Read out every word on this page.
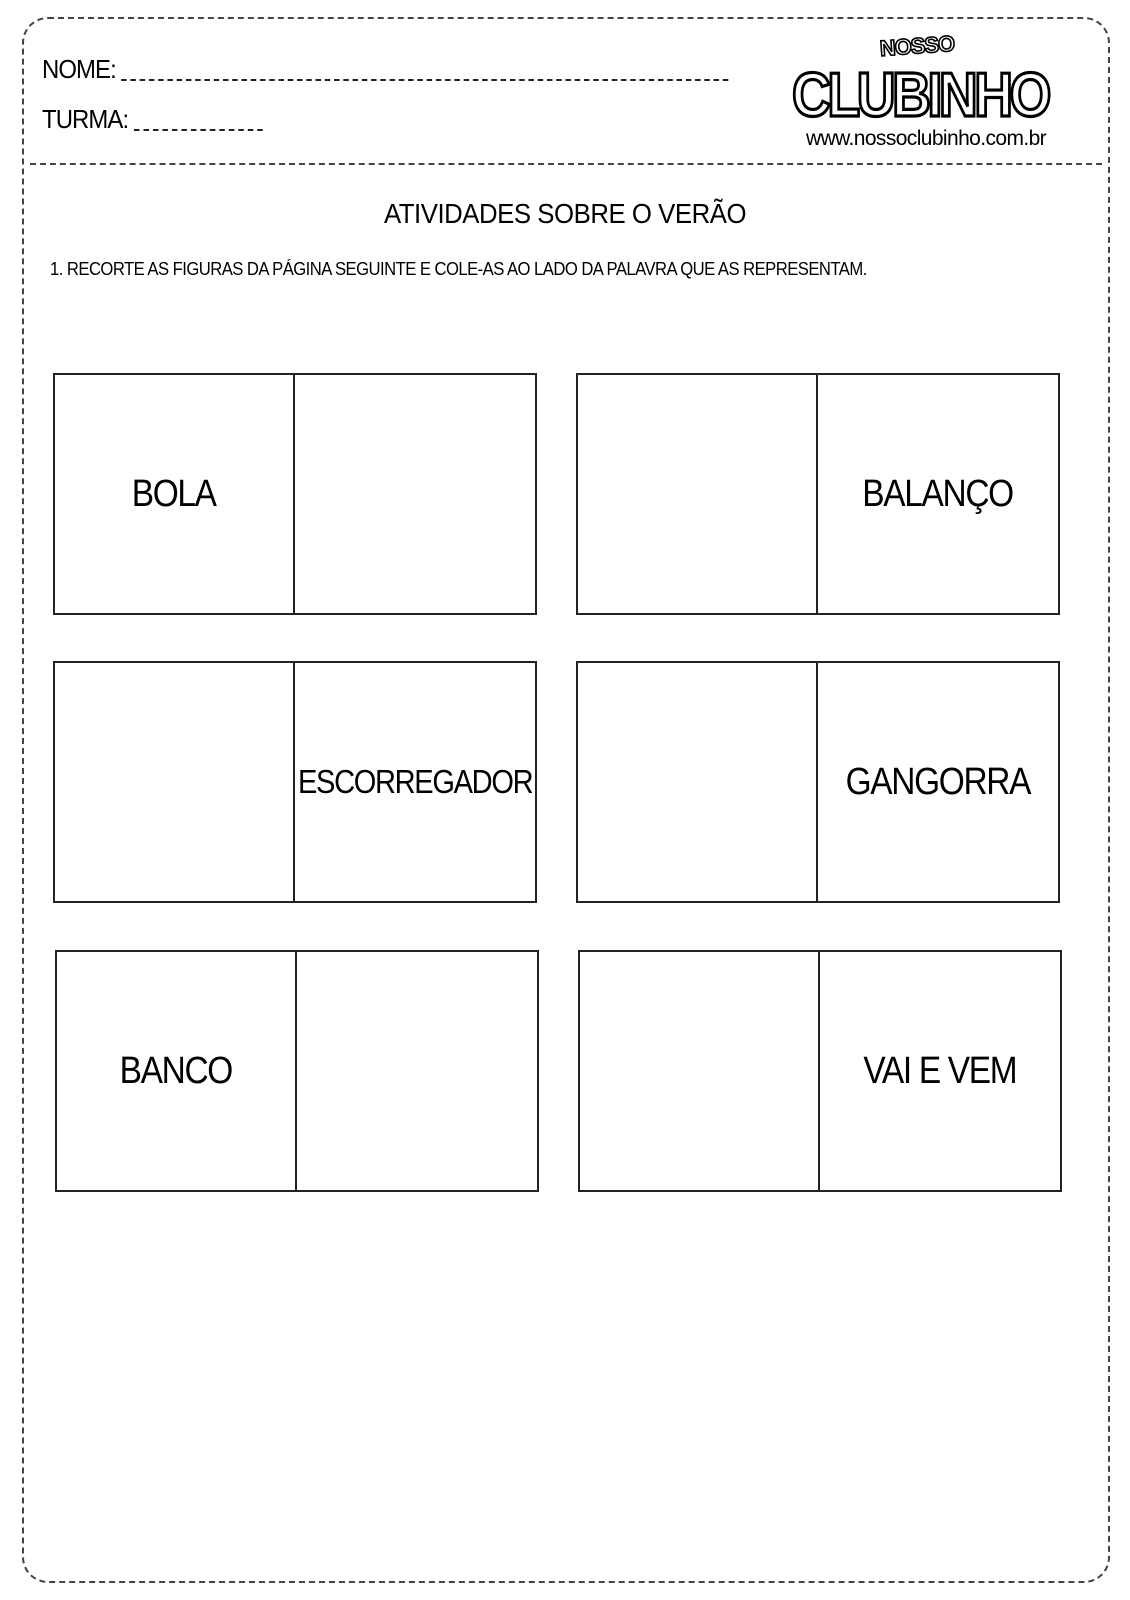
NOME:
TURMA:
NOSSO
CLUBINHO
www.nossoclubinho.com.br
ATIVIDADES SOBRE O VERÃO
1. RECORTE AS FIGURAS DA PÁGINA SEGUINTE E COLE-AS AO LADO DA PALAVRA QUE AS REPRESENTAM.
BOLA	BALANÇO
ESCORREGADOR	GANGORRA
BANCO	VAI E VEM
